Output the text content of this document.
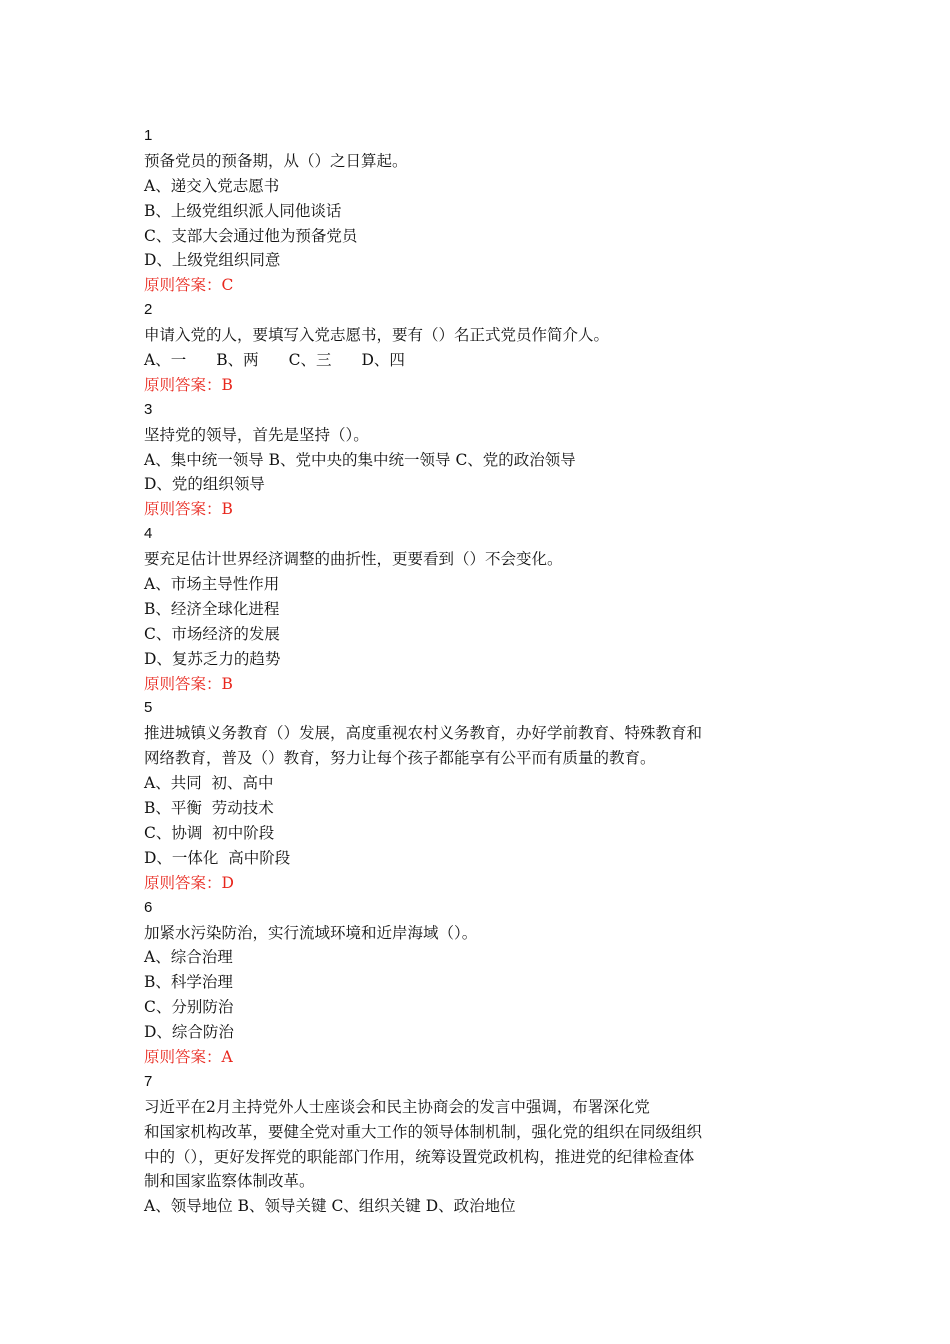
1
预备党员的预备期，从（）之日算起。
A、递交入党志愿书
B、上级党组织派人同他谈话
C、支部大会通过他为预备党员
D、上级党组织同意
原则答案：C
2
申请入党的人，要填写入党志愿书，要有（）名正式党员作简介人。
A、一 B、两 C、三 D、四
原则答案：B
3
坚持党的领导，首先是坚持（）。
A、集中统一领导 B、党中央的集中统一领导 C、党的政治领导
D、党的组织领导
原则答案：B
4
要充足估计世界经济调整的曲折性，更要看到（）不会变化。
A、市场主导性作用
B、经济全球化进程
C、市场经济的发展
D、复苏乏力的趋势
原则答案：B
5
推进城镇义务教育（）发展，高度重视农村义务教育，办好学前教育、特殊教育和
网络教育，普及（）教育，努力让每个孩子都能享有公平而有质量的教育。
A、共同  初、高中
B、平衡  劳动技术
C、协调  初中阶段
D、一体化  高中阶段
原则答案：D
6
加紧水污染防治，实行流域环境和近岸海域（）。
A、综合治理
B、科学治理
C、分别防治
D、综合防治
原则答案：A
7
习近平在2月主持党外人士座谈会和民主协商会的发言中强调，布署深化党
和国家机构改革，要健全党对重大工作的领导体制机制，强化党的组织在同级组织
中的（），更好发挥党的职能部门作用，统筹设置党政机构，推进党的纪律检查体
制和国家监察体制改革。
A、领导地位 B、领导关键 C、组织关键 D、政治地位
